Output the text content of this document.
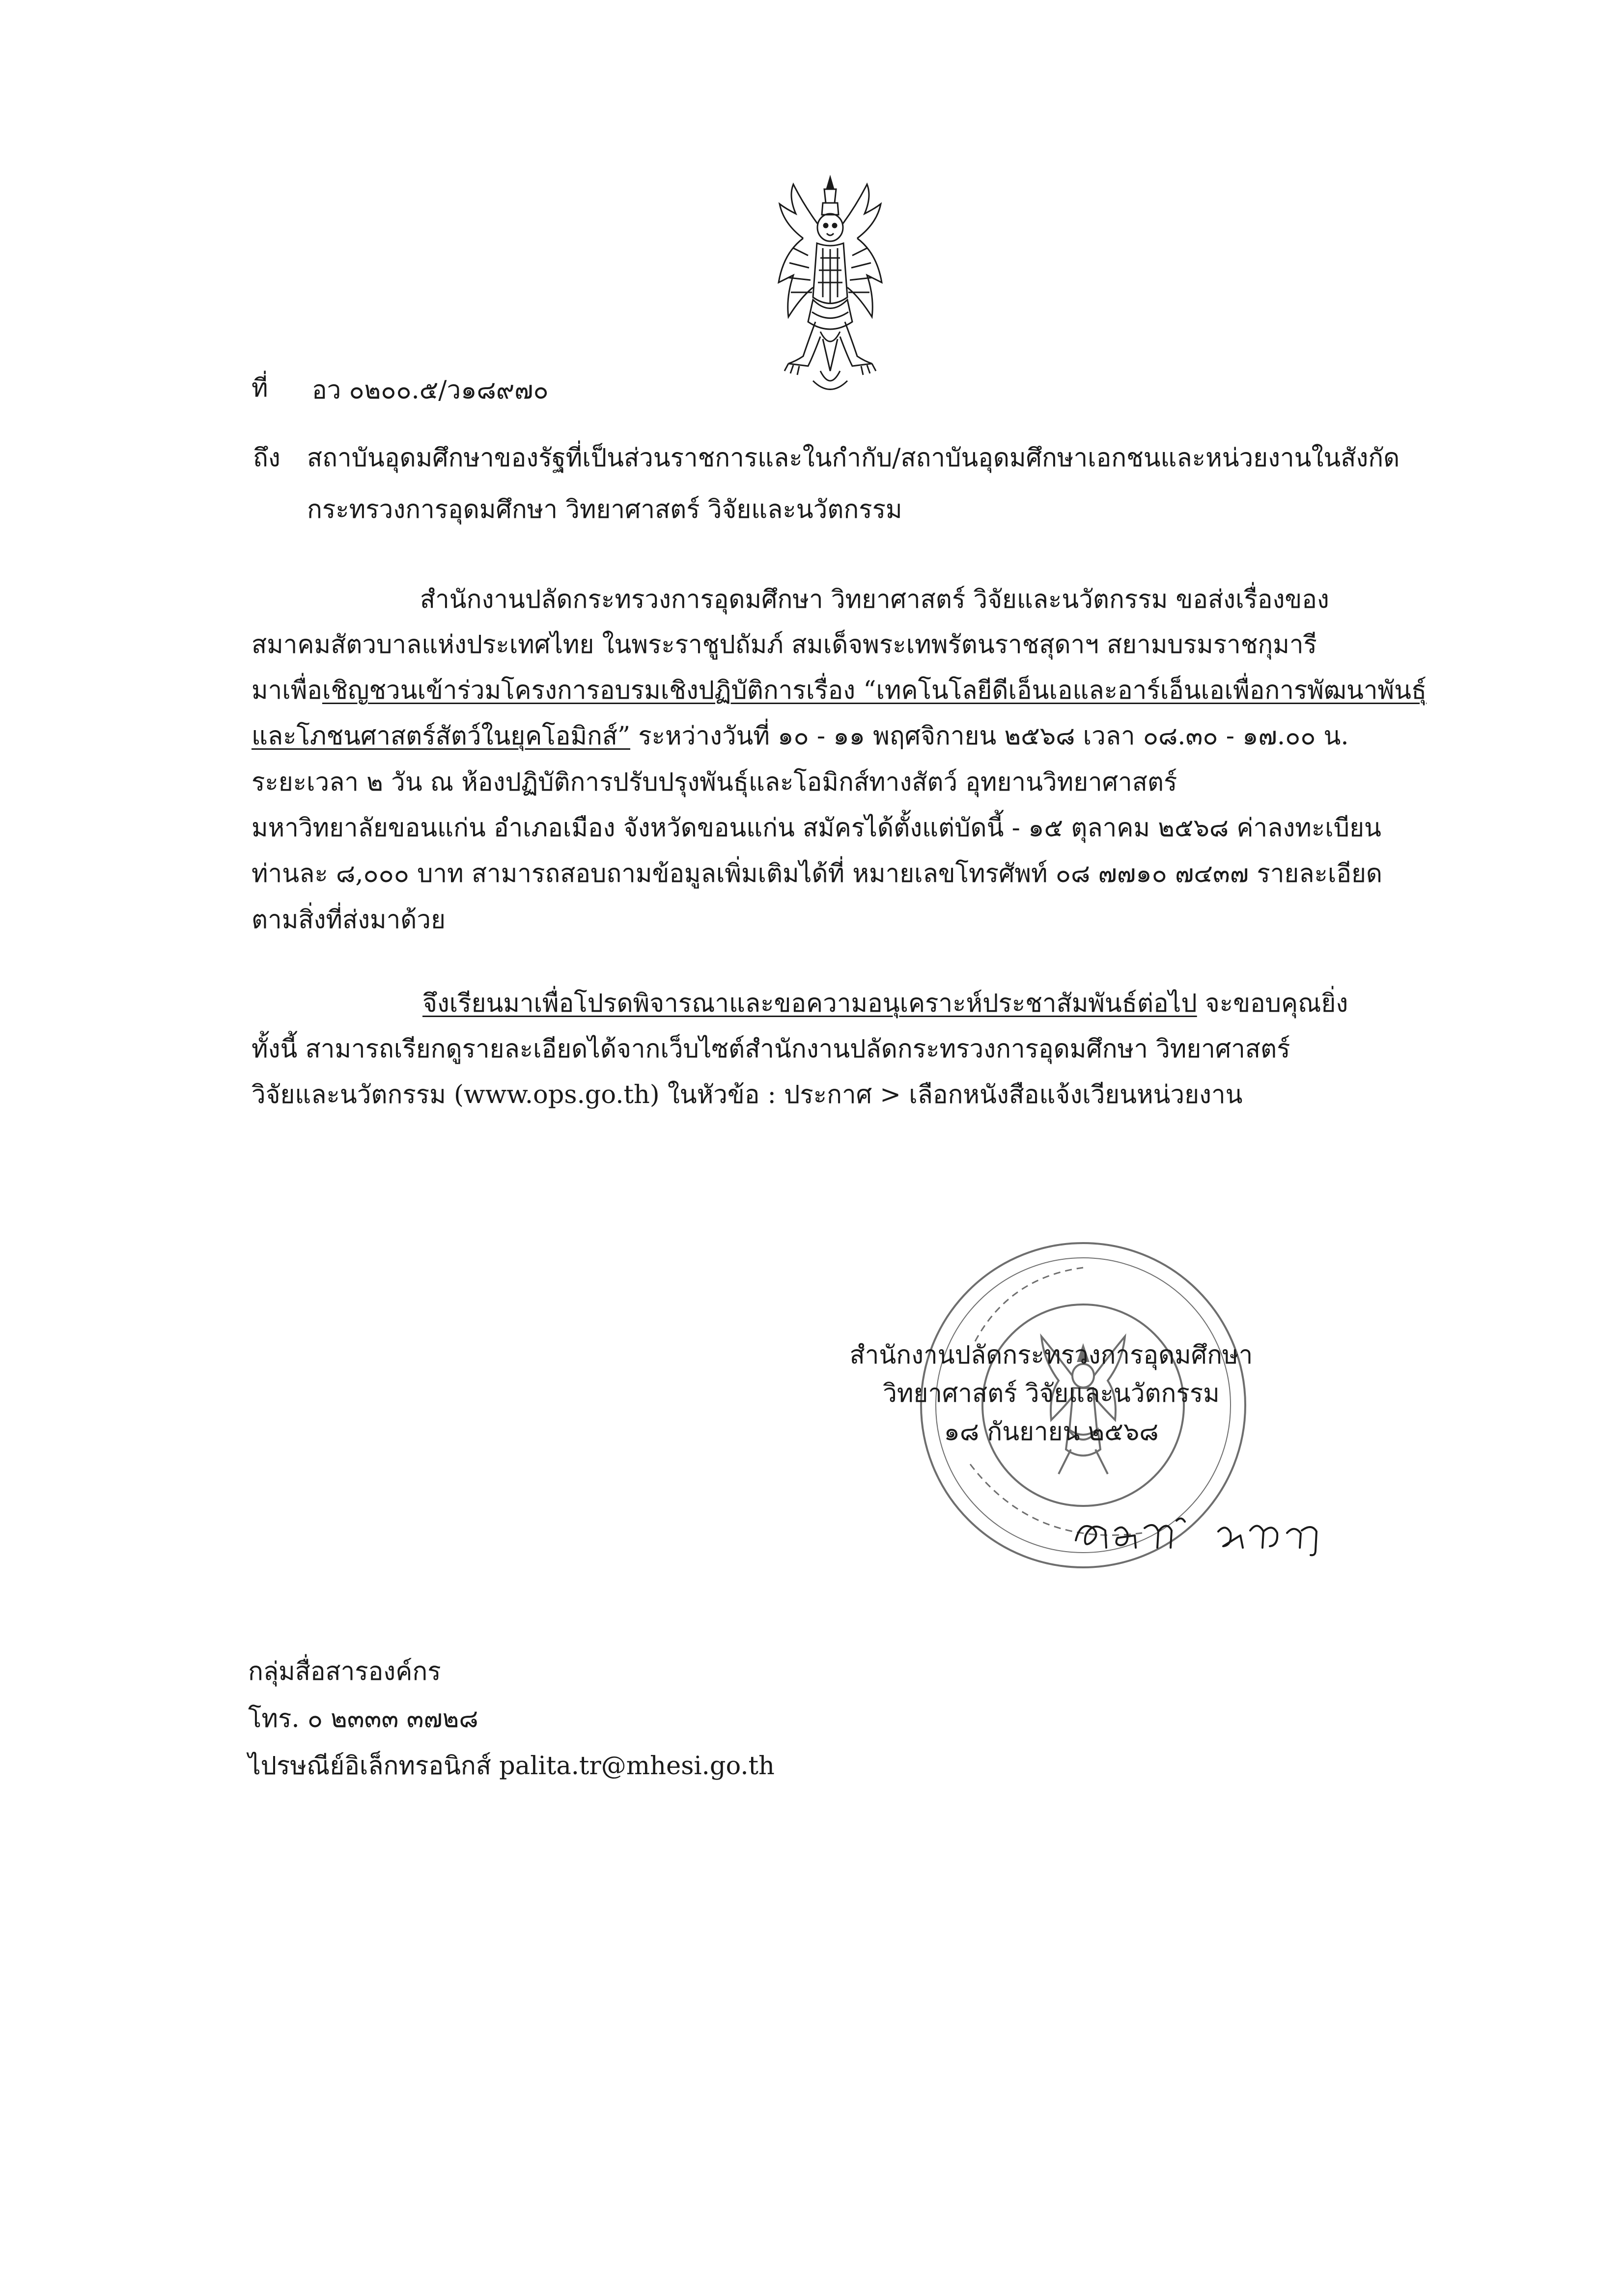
ที่ อว ๐๒๐๐.๕/ว๑๘๙๗๐
ถึง สถาบันอุดมศึกษาของรัฐที่เป็นส่วนราชการและในกำกับ/สถาบันอุดมศึกษาเอกชนและหน่วยงานในสังกัด
กระทรวงการอุดมศึกษา วิทยาศาสตร์ วิจัยและนวัตกรรม
สำนักงานปลัดกระทรวงการอุดมศึกษา วิทยาศาสตร์ วิจัยและนวัตกรรม ขอส่งเรื่องของ
สมาคมสัตวบาลแห่งประเทศไทย ในพระราชูปถัมภ์ สมเด็จพระเทพรัตนราชสุดาฯ สยามบรมราชกุมารี
มาเพื่อเชิญชวนเข้าร่วมโครงการอบรมเชิงปฏิบัติการเรื่อง “เทคโนโลยีดีเอ็นเอและอาร์เอ็นเอเพื่อการพัฒนาพันธุ์
และโภชนศาสตร์สัตว์ในยุคโอมิกส์” ระหว่างวันที่ ๑๐ - ๑๑ พฤศจิกายน ๒๕๖๘ เวลา ๐๘.๓๐ - ๑๗.๐๐ น.
ระยะเวลา ๒ วัน ณ ห้องปฏิบัติการปรับปรุงพันธุ์และโอมิกส์ทางสัตว์ อุทยานวิทยาศาสตร์
มหาวิทยาลัยขอนแก่น อำเภอเมือง จังหวัดขอนแก่น สมัครได้ตั้งแต่บัดนี้ - ๑๕ ตุลาคม ๒๕๖๘ ค่าลงทะเบียน
ท่านละ ๘,๐๐๐ บาท สามารถสอบถามข้อมูลเพิ่มเติมได้ที่ หมายเลขโทรศัพท์ ๐๘ ๗๗๑๐ ๗๔๓๗ รายละเอียด
ตามสิ่งที่ส่งมาด้วย
จึงเรียนมาเพื่อโปรดพิจารณาและขอความอนุเคราะห์ประชาสัมพันธ์ต่อไป จะขอบคุณยิ่ง
ทั้งนี้ สามารถเรียกดูรายละเอียดได้จากเว็บไซต์สำนักงานปลัดกระทรวงการอุดมศึกษา วิทยาศาสตร์
วิจัยและนวัตกรรม (www.ops.go.th) ในหัวข้อ : ประกาศ > เลือกหนังสือแจ้งเวียนหน่วยงาน
สำนักงานปลัดกระทรวงการอุดมศึกษา
วิทยาศาสตร์ วิจัยและนวัตกรรม
๑๘ กันยายน ๒๕๖๘
กลุ่มสื่อสารองค์กร
โทร. ๐ ๒๓๓๓ ๓๗๒๘
ไปรษณีย์อิเล็กทรอนิกส์ palita.tr@mhesi.go.th
